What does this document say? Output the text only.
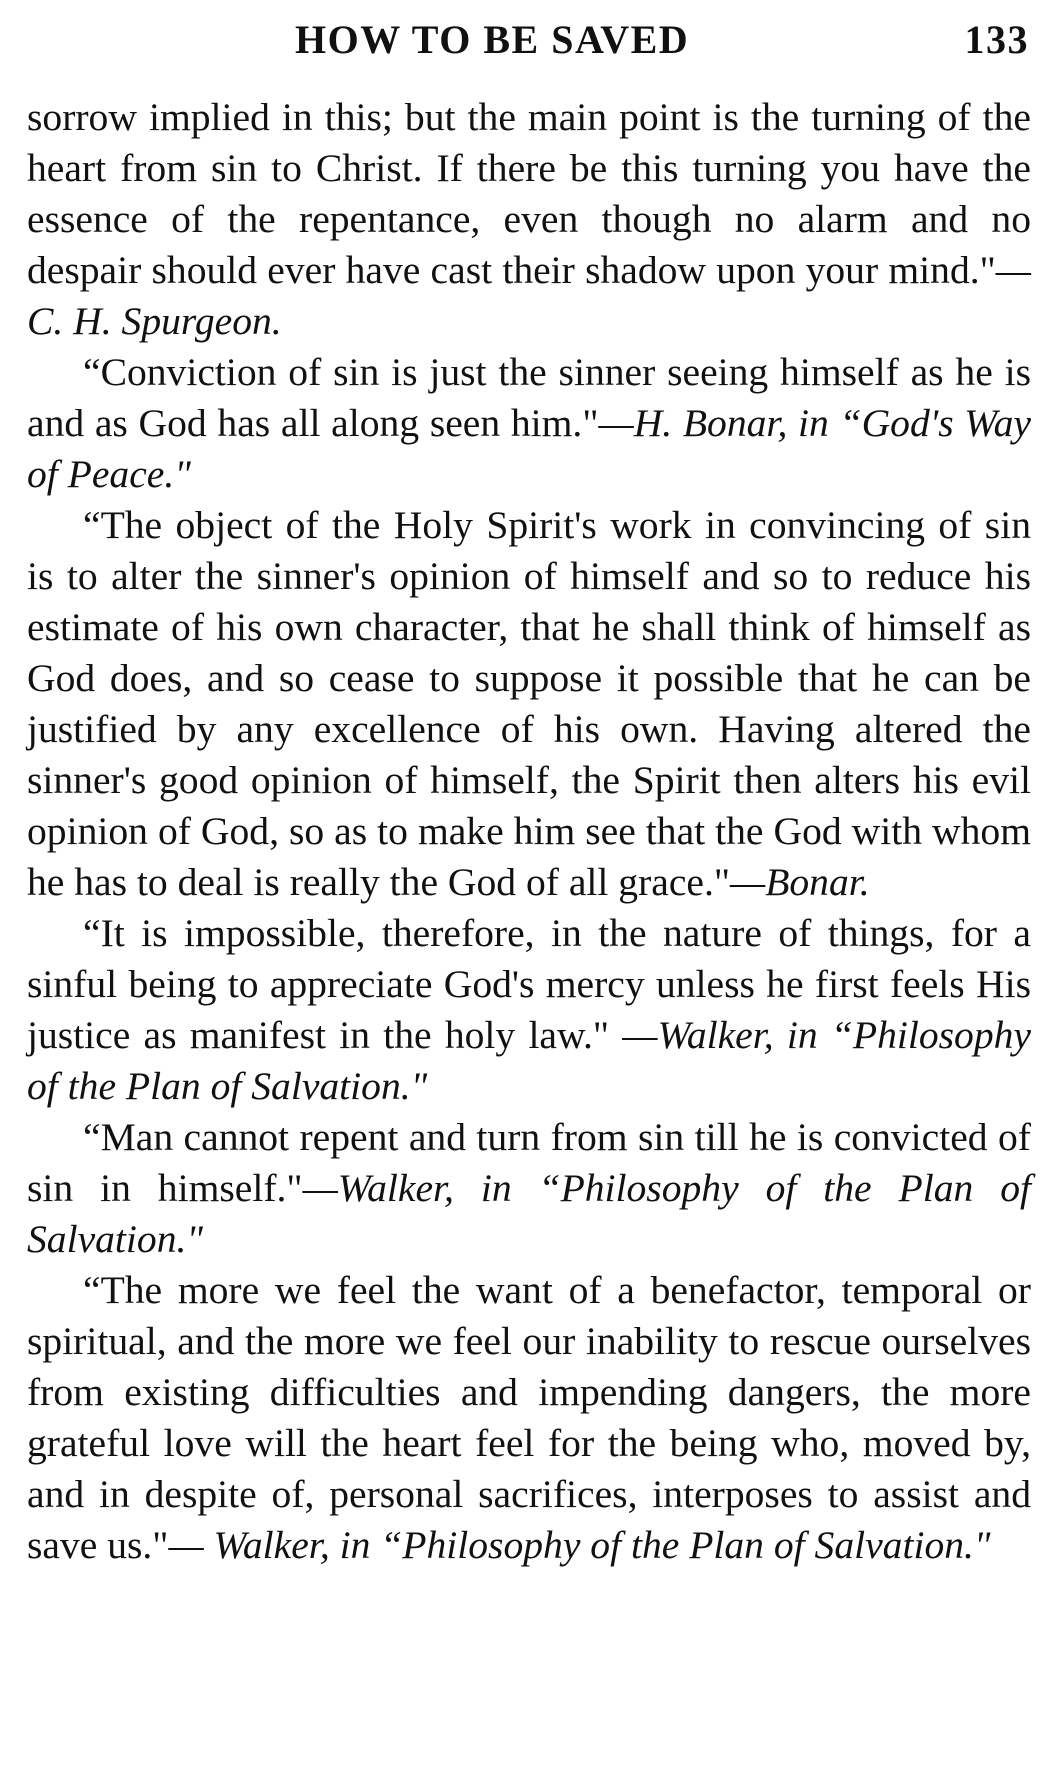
HOW TO BE SAVED	133

sorrow implied in this; but the main point is the turning of the heart from sin to Christ. If there be this turning you have the essence of the repentance, even though no alarm and no despair should ever have cast their shadow upon your mind."—C. H. Spurgeon.

“Conviction of sin is just the sinner seeing himself as he is and as God has all along seen him."—H. Bonar, in “God's Way of Peace."

“The object of the Holy Spirit's work in convincing of sin is to alter the sinner's opinion of himself and so to reduce his estimate of his own character, that he shall think of himself as God does, and so cease to suppose it possible that he can be justified by any excellence of his own. Having altered the sinner's good opinion of himself, the Spirit then alters his evil opinion of God, so as to make him see that the God with whom he has to deal is really the God of all grace."—Bonar.

“It is impossible, therefore, in the nature of things, for a sinful being to appreciate God's mercy unless he first feels His justice as manifest in the holy law." —Walker, in “Philosophy of the Plan of Salvation."

“Man cannot repent and turn from sin till he is convicted of sin in himself."—Walker, in “Philosophy of the Plan of Salvation."

“The more we feel the want of a benefactor, temporal or spiritual, and the more we feel our inability to rescue ourselves from existing difficulties and impending dangers, the more grateful love will the heart feel for the being who, moved by, and in despite of, personal sacrifices, interposes to assist and save us."— Walker, in “Philosophy of the Plan of Salvation."
